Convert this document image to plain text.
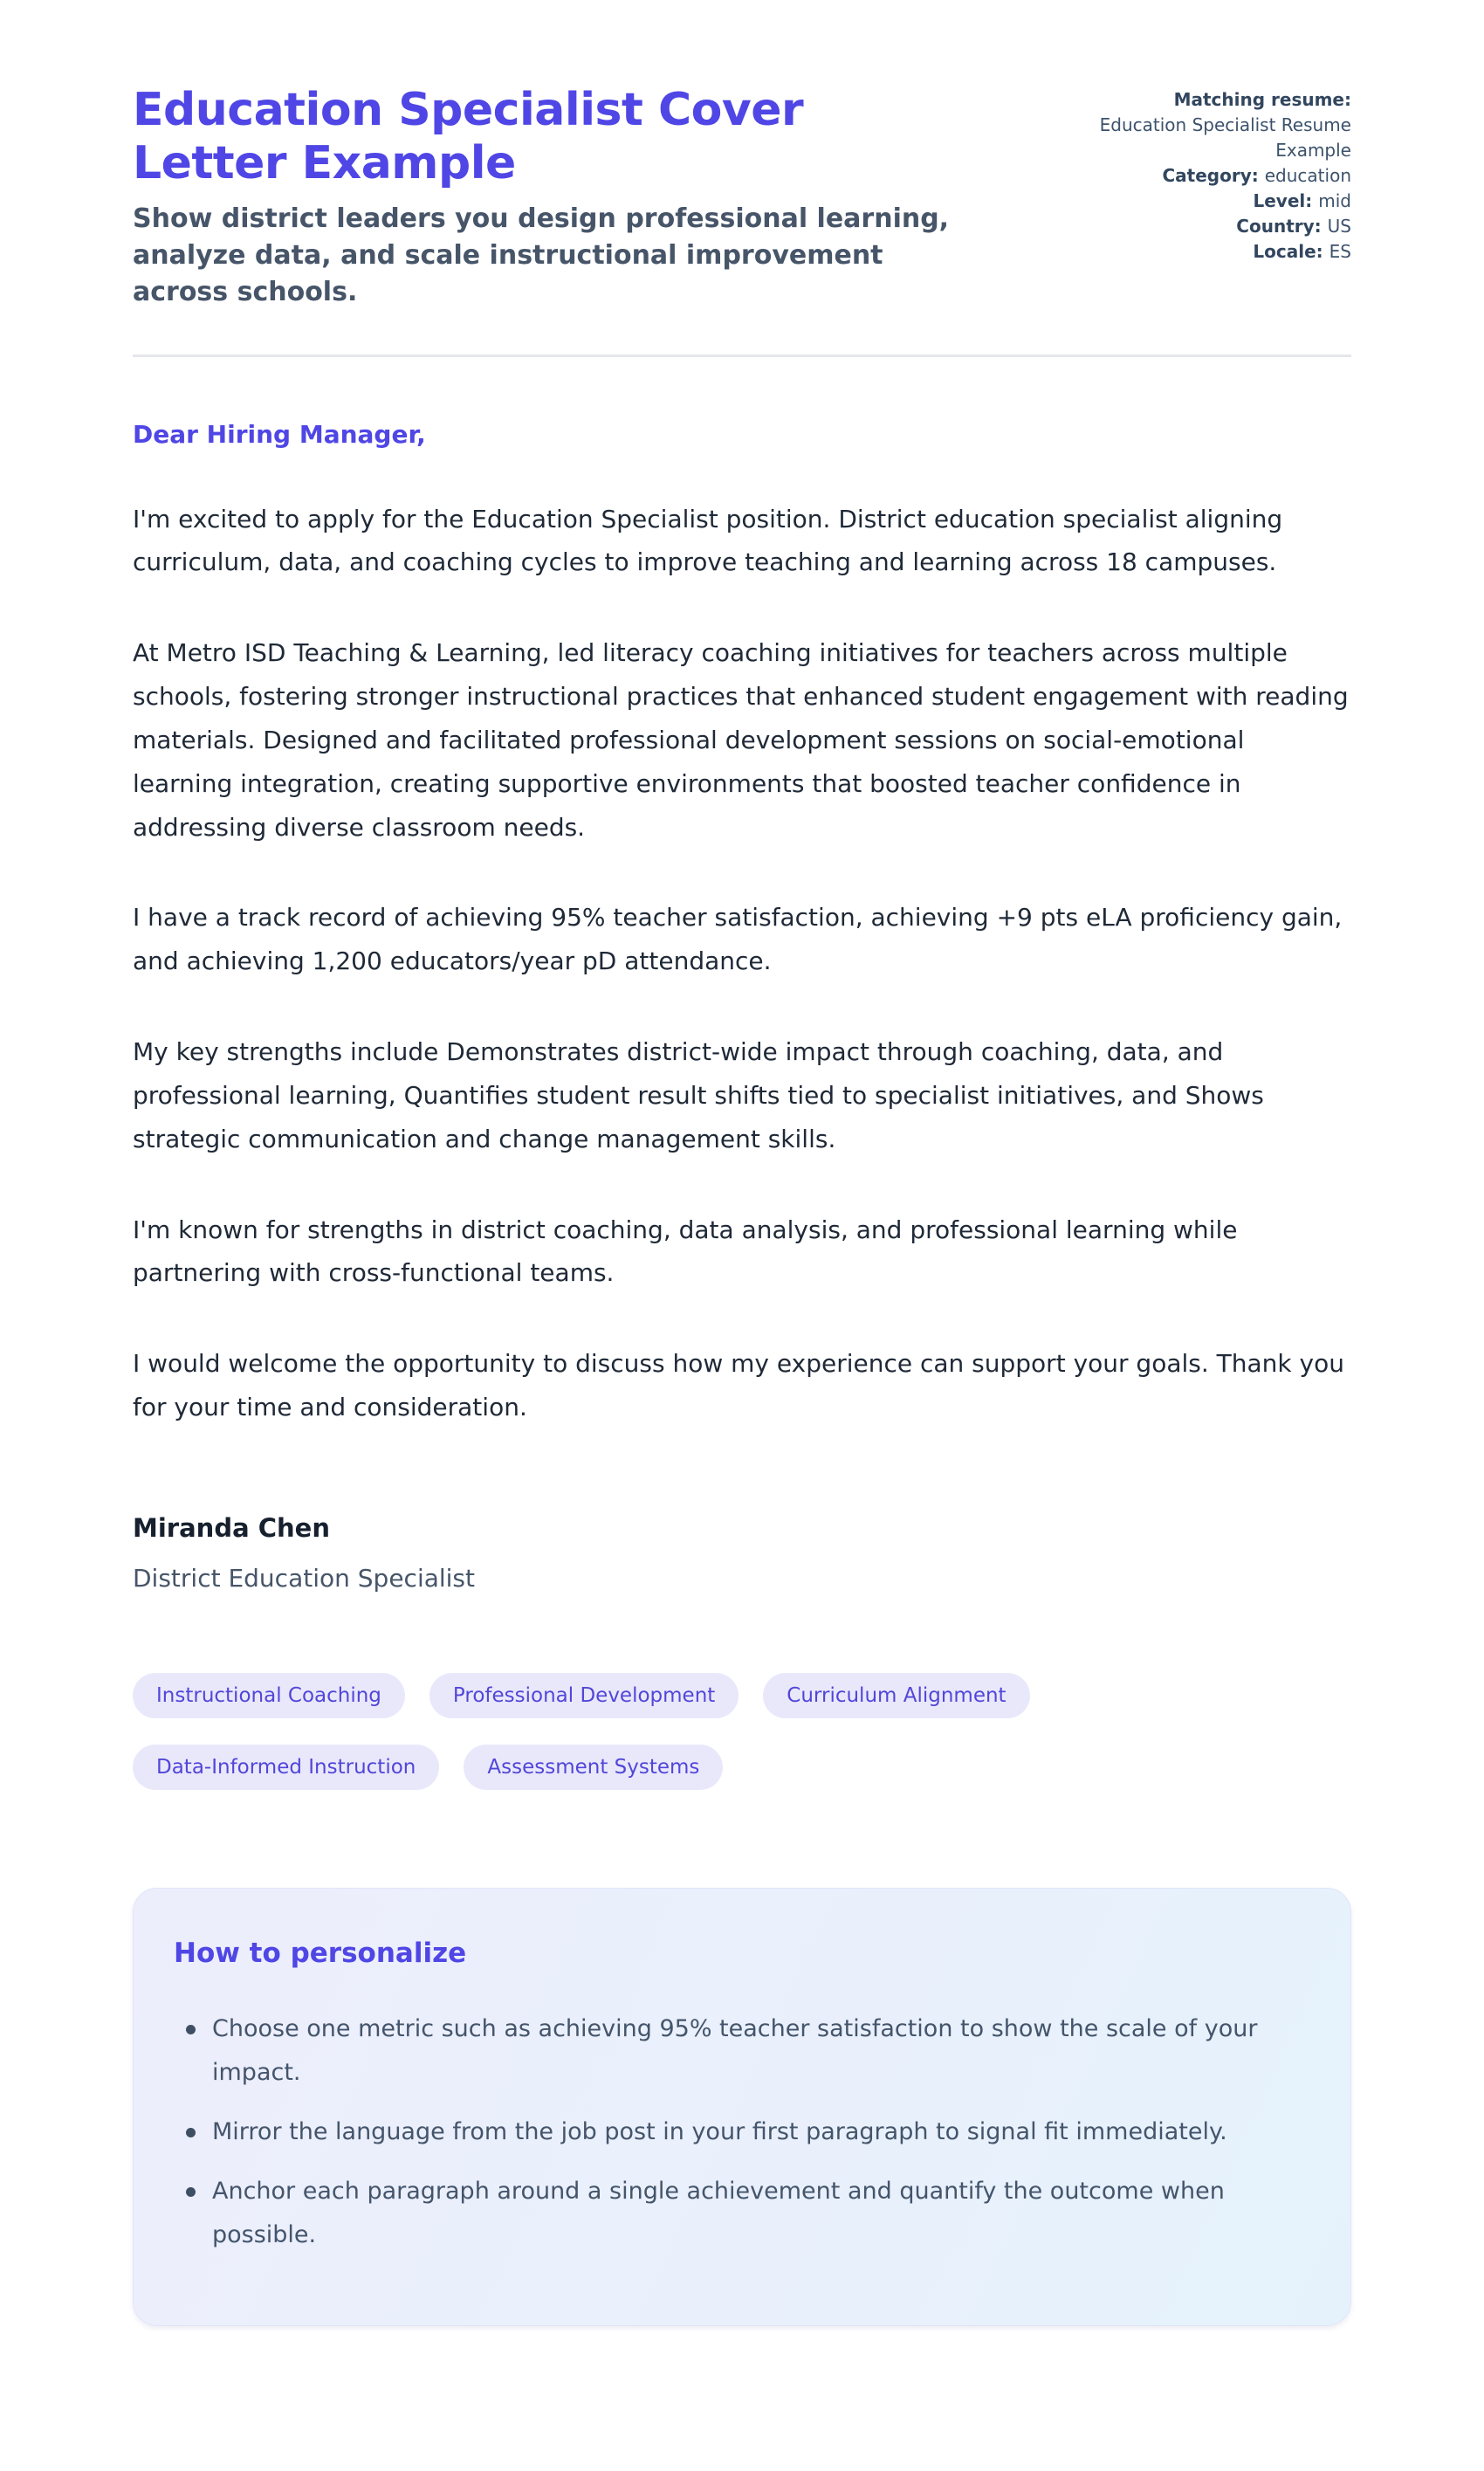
Education Specialist Cover Letter Example

Show district leaders you design professional learning, analyze data, and scale instructional improvement across schools.

Matching resume:
Education Specialist Resume Example
Category: education
Level: mid
Country: US
Locale: ES

Dear Hiring Manager,

I'm excited to apply for the Education Specialist position. District education specialist aligning curriculum, data, and coaching cycles to improve teaching and learning across 18 campuses.

At Metro ISD Teaching & Learning, led literacy coaching initiatives for teachers across multiple schools, fostering stronger instructional practices that enhanced student engagement with reading materials. Designed and facilitated professional development sessions on social-emotional learning integration, creating supportive environments that boosted teacher confidence in addressing diverse classroom needs.

I have a track record of achieving 95% teacher satisfaction, achieving +9 pts eLA proficiency gain, and achieving 1,200 educators/year pD attendance.

My key strengths include Demonstrates district-wide impact through coaching, data, and professional learning, Quantifies student result shifts tied to specialist initiatives, and Shows strategic communication and change management skills.

I'm known for strengths in district coaching, data analysis, and professional learning while partnering with cross-functional teams.

I would welcome the opportunity to discuss how my experience can support your goals. Thank you for your time and consideration.

Miranda Chen

District Education Specialist

Instructional Coaching	Professional Development	Curriculum Alignment
Data-Informed Instruction	Assessment Systems
How to personalize
Choose one metric such as achieving 95% teacher satisfaction to show the scale of your impact.
Mirror the language from the job post in your first paragraph to signal fit immediately.
Anchor each paragraph around a single achievement and quantify the outcome when possible.
